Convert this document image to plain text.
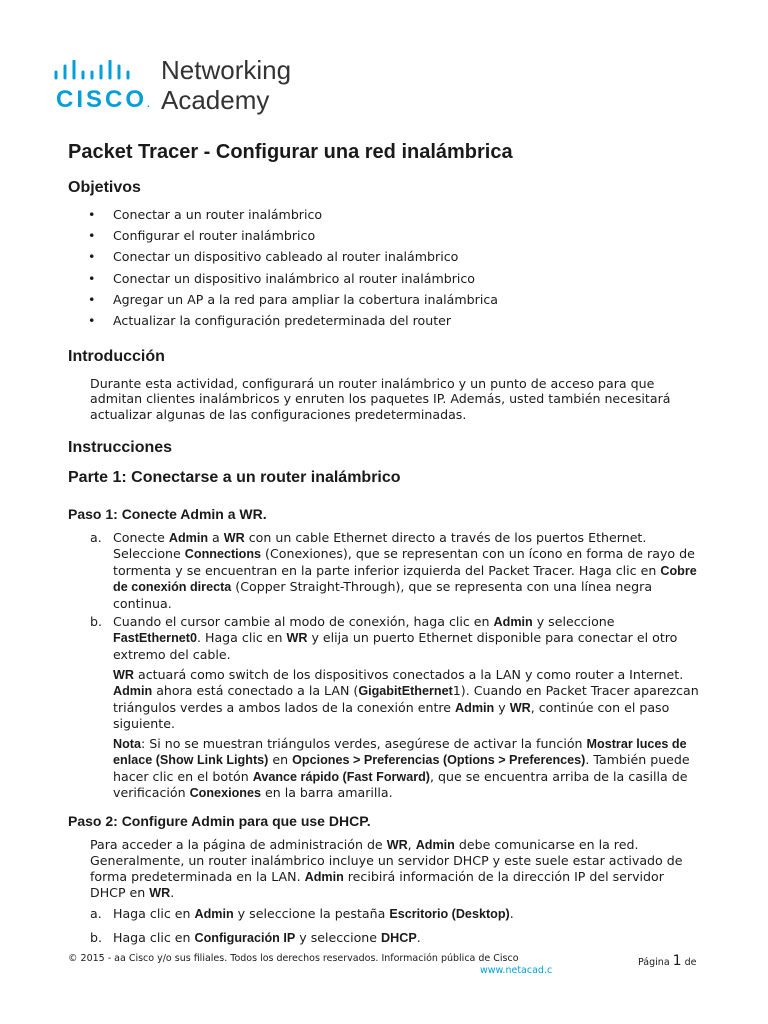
CISCO.
Networking
Academy
Packet Tracer - Configurar una red inalámbrica
Objetivos
• Conectar a un router inalámbrico
• Configurar el router inalámbrico
• Conectar un dispositivo cableado al router inalámbrico
• Conectar un dispositivo inalámbrico al router inalámbrico
• Agregar un AP a la red para ampliar la cobertura inalámbrica
• Actualizar la configuración predeterminada del router
Introducción

Durante esta actividad, configurará un router inalámbrico y un punto de acceso para que admitan clientes inalámbricos y enruten los paquetes IP. Además, usted también necesitará actualizar algunas de las configuraciones predeterminadas.

Instrucciones
Parte 1: Conectarse a un router inalámbrico
Paso 1: Conecte Admin a WR.
a. Conecte Admin a WR con un cable Ethernet directo a través de los puertos Ethernet. Seleccione Connections (Conexiones), que se representan con un ícono en forma de rayo de tormenta y se encuentran en la parte inferior izquierda del Packet Tracer. Haga clic en Cobre de conexión directa (Copper Straight-Through), que se representa con una línea negra continua.
b. Cuando el cursor cambie al modo de conexión, haga clic en Admin y seleccione FastEthernet0. Haga clic en WR y elija un puerto Ethernet disponible para conectar el otro extremo del cable.

WR actuará como switch de los dispositivos conectados a la LAN y como router a Internet. Admin ahora está conectado a la LAN (GigabitEthernet1). Cuando en Packet Tracer aparezcan triángulos verdes a ambos lados de la conexión entre Admin y WR, continúe con el paso siguiente.

Nota: Si no se muestran triángulos verdes, asegúrese de activar la función Mostrar luces de enlace (Show Link Lights) en Opciones > Preferencias (Options > Preferences). También puede hacer clic en el botón Avance rápido (Fast Forward), que se encuentra arriba de la casilla de verificación Conexiones en la barra amarilla.

Paso 2: Configure Admin para que use DHCP.

Para acceder a la página de administración de WR, Admin debe comunicarse en la red. Generalmente, un router inalámbrico incluye un servidor DHCP y este suele estar activado de forma predeterminada en la LAN. Admin recibirá información de la dirección IP del servidor DHCP en WR.

a. Haga clic en Admin y seleccione la pestaña Escritorio (Desktop).
b. Haga clic en Configuración IP y seleccione DHCP.
© 2015 - aa Cisco y/o sus filiales. Todos los derechos reservados. Información pública de Cisco
www.netacad.c
Página 1 de
